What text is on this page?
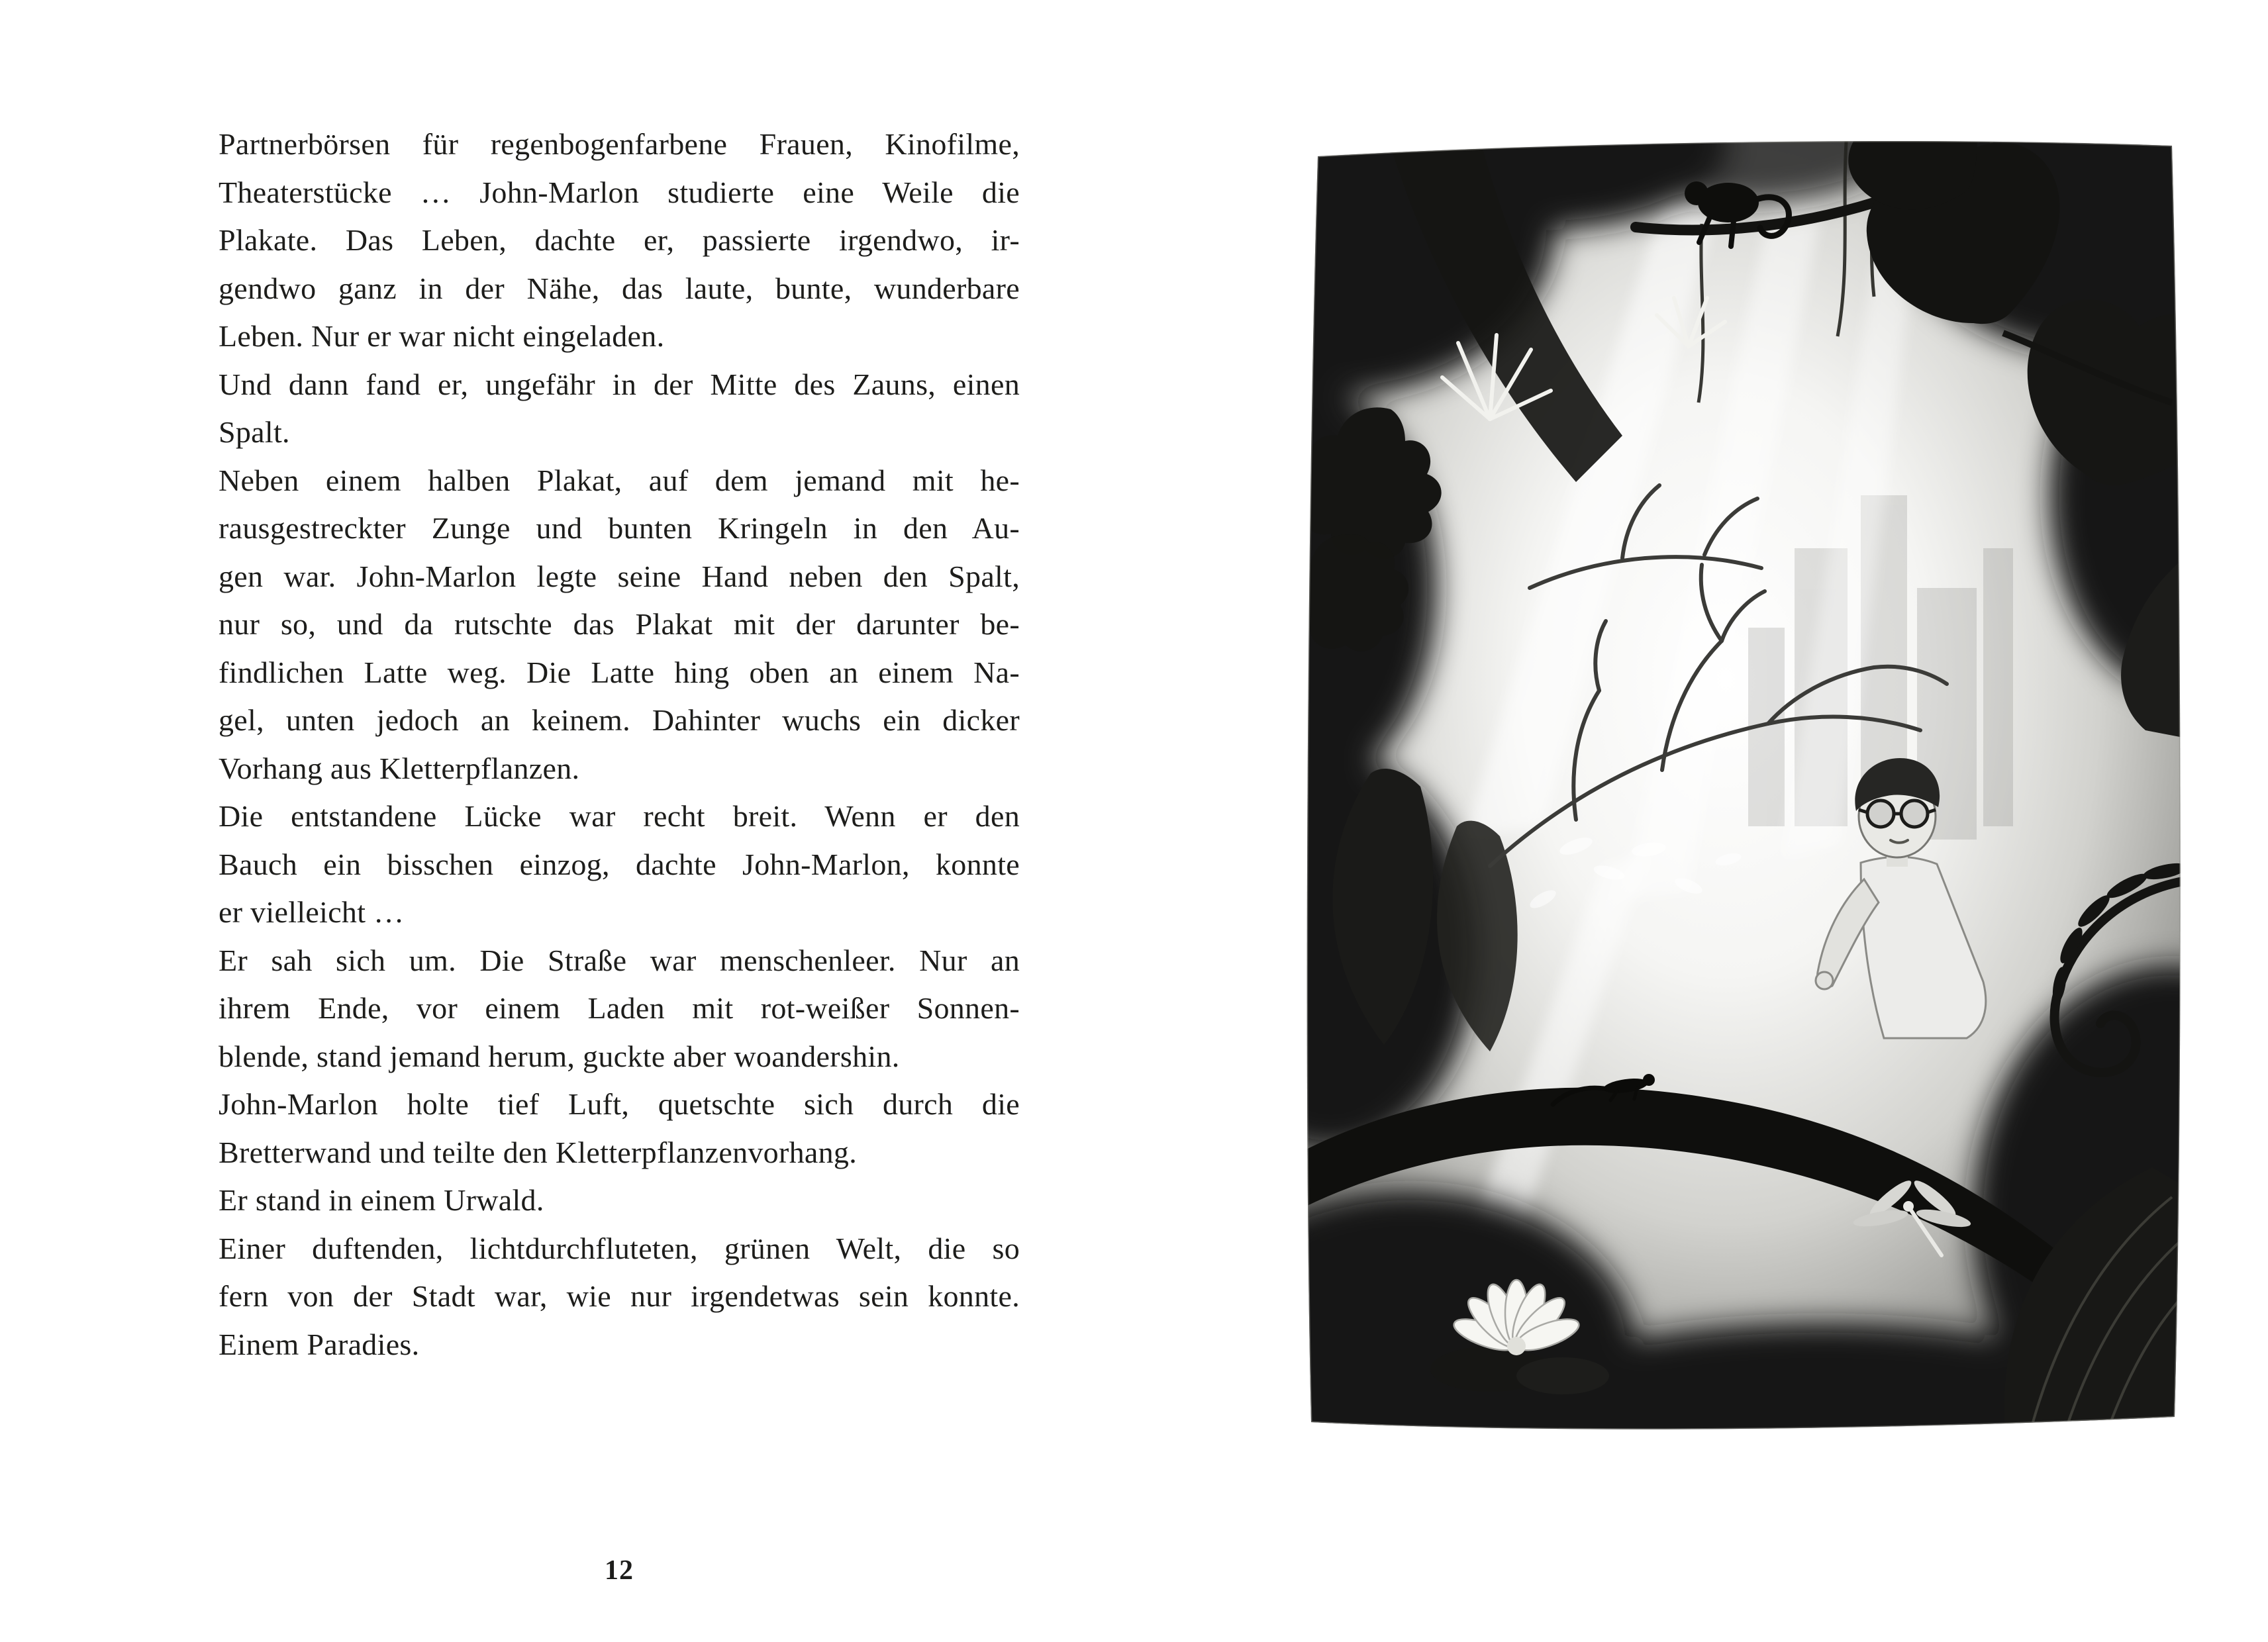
Partnerbörsen für regenbogenfarbene Frauen, Kinofilme,
Theaterstücke … John-Marlon studierte eine Weile die
Plakate. Das Leben, dachte er, passierte irgendwo, ir-
gendwo ganz in der Nähe, das laute, bunte, wunderbare
Leben. Nur er war nicht eingeladen.
Und dann fand er, ungefähr in der Mitte des Zauns, einen
Spalt.
Neben einem halben Plakat, auf dem jemand mit he-
rausgestreckter Zunge und bunten Kringeln in den Au-
gen war. John-Marlon legte seine Hand neben den Spalt,
nur so, und da rutschte das Plakat mit der darunter be-
findlichen Latte weg. Die Latte hing oben an einem Na-
gel, unten jedoch an keinem. Dahinter wuchs ein dicker
Vorhang aus Kletterpflanzen.
Die entstandene Lücke war recht breit. Wenn er den
Bauch ein bisschen einzog, dachte John-Marlon, konnte
er vielleicht …
Er sah sich um. Die Straße war menschenleer. Nur an
ihrem Ende, vor einem Laden mit rot-weißer Sonnen-
blende, stand jemand herum, guckte aber woandershin.
John-Marlon holte tief Luft, quetschte sich durch die
Bretterwand und teilte den Kletterpflanzenvorhang.
Er stand in einem Urwald.
Einer duftenden, lichtdurchfluteten, grünen Welt, die so
fern von der Stadt war, wie nur irgendetwas sein konnte.
Einem Paradies.
12
